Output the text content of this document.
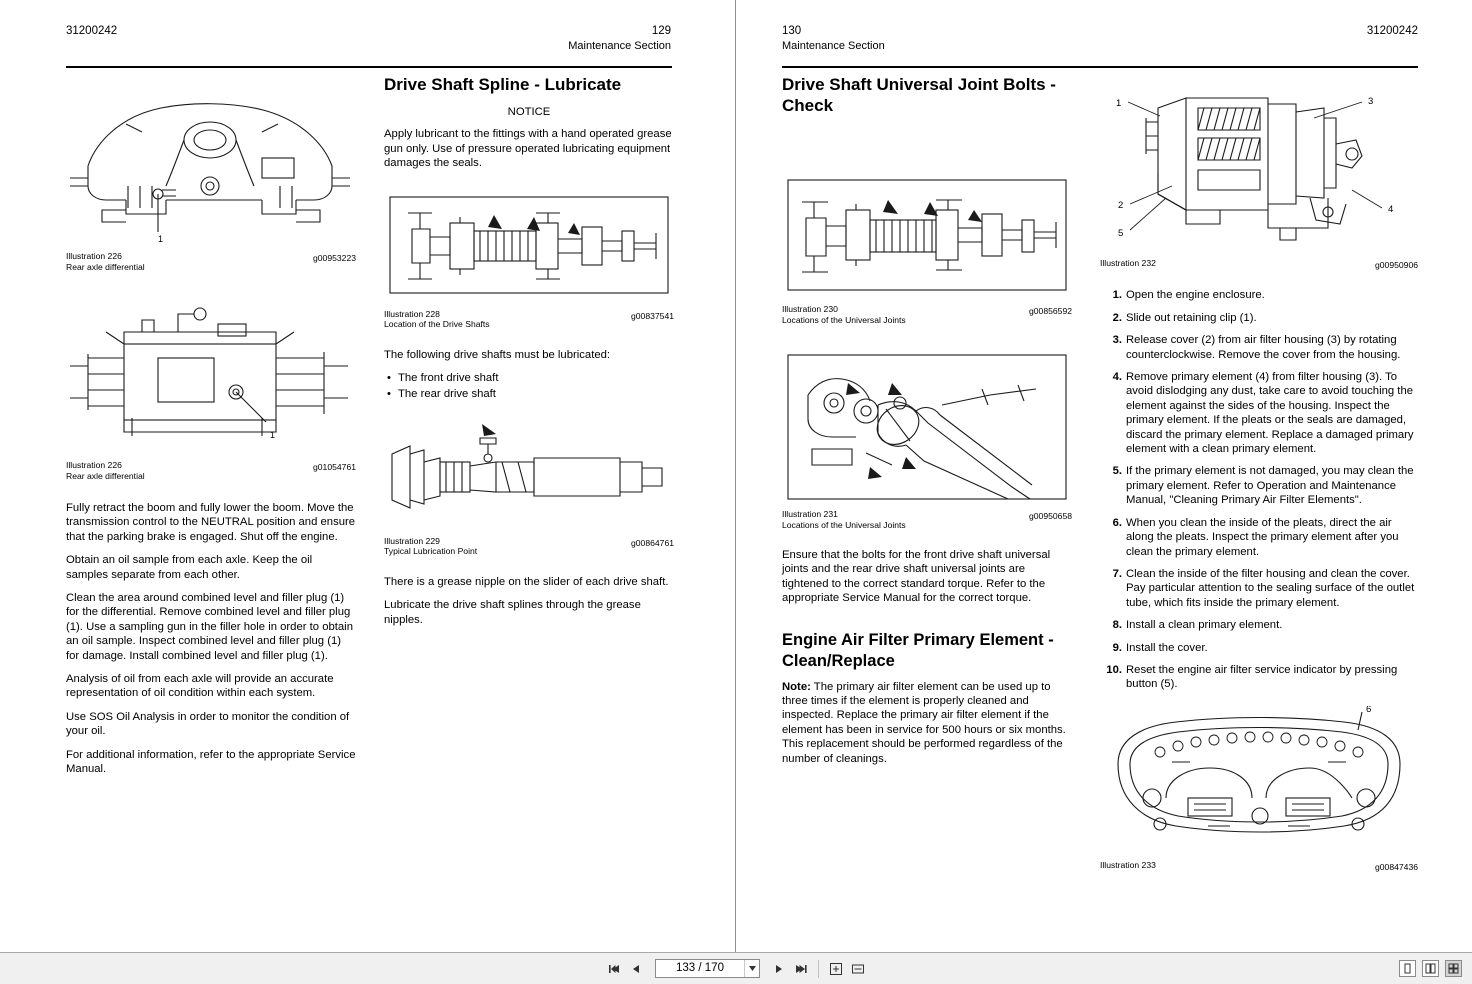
31200242	129
Maintenance Section
1
Illustration 226
Rear axle differential
g00953223
1
Illustration 226
Rear axle differential
g01054761

Fully retract the boom and fully lower the boom. Move the transmission control to the NEUTRAL position and ensure that the parking brake is engaged. Shut off the engine.

Obtain an oil sample from each axle. Keep the oil samples separate from each other.

Clean the area around combined level and filler plug (1) for the differential. Remove combined level and filler plug (1). Use a sampling gun in the filler hole in order to obtain an oil sample. Inspect combined level and filler plug (1) for damage. Install combined level and filler plug (1).

Analysis of oil from each axle will provide an accurate representation of oil condition within each system.

Use SOS Oil Analysis in order to monitor the condition of your oil.

For additional information, refer to the appropriate Service Manual.

Drive Shaft Spline - Lubricate
NOTICE

Apply lubricant to the fittings with a hand operated grease gun only. Use of pressure operated lubricating equipment damages the seals.

Illustration 228
Location of the Drive Shafts
g00837541

The following drive shafts must be lubricated:

• The front drive shaft
• The rear drive shaft
Illustration 229
Typical Lubrication Point
g00864761

There is a grease nipple on the slider of each drive shaft.

Lubricate the drive shaft splines through the grease nipples.

130
Maintenance Section
31200242
Drive Shaft Universal Joint Bolts - Check
Illustration 230
Locations of the Universal Joints
g00856592
Illustration 231
Locations of the Universal Joints
g00950658

Ensure that the bolts for the front drive shaft universal joints and the rear drive shaft universal joints are tightened to the correct standard torque. Refer to the appropriate Service Manual for the correct torque.

Engine Air Filter Primary Element - Clean/Replace

Note: The primary air filter element can be used up to three times if the element is properly cleaned and inspected. Replace the primary air filter element if the element has been in service for 500 hours or six months. This replacement should be performed regardless of the number of cleanings.

1
2
3
4
5
Illustration 232	g00950906
Open the engine enclosure.
Slide out retaining clip (1).
Release cover (2) from air filter housing (3) by rotating counterclockwise. Remove the cover from the housing.
Remove primary element (4) from filter housing (3). To avoid dislodging any dust, take care to avoid touching the element against the sides of the housing. Inspect the primary element. If the pleats or the seals are damaged, discard the primary element. Replace a damaged primary element with a clean primary element.
If the primary element is not damaged, you may clean the primary element. Refer to Operation and Maintenance Manual, "Cleaning Primary Air Filter Elements".
When you clean the inside of the pleats, direct the air along the pleats. Inspect the primary element after you clean the primary element.
Clean the inside of the filter housing and clean the cover. Pay particular attention to the sealing surface of the outlet tube, which fits inside the primary element.
Install a clean primary element.
Install the cover.
Reset the engine air filter service indicator by pressing button (5).
6
Illustration 233	g00847436
133 / 170
